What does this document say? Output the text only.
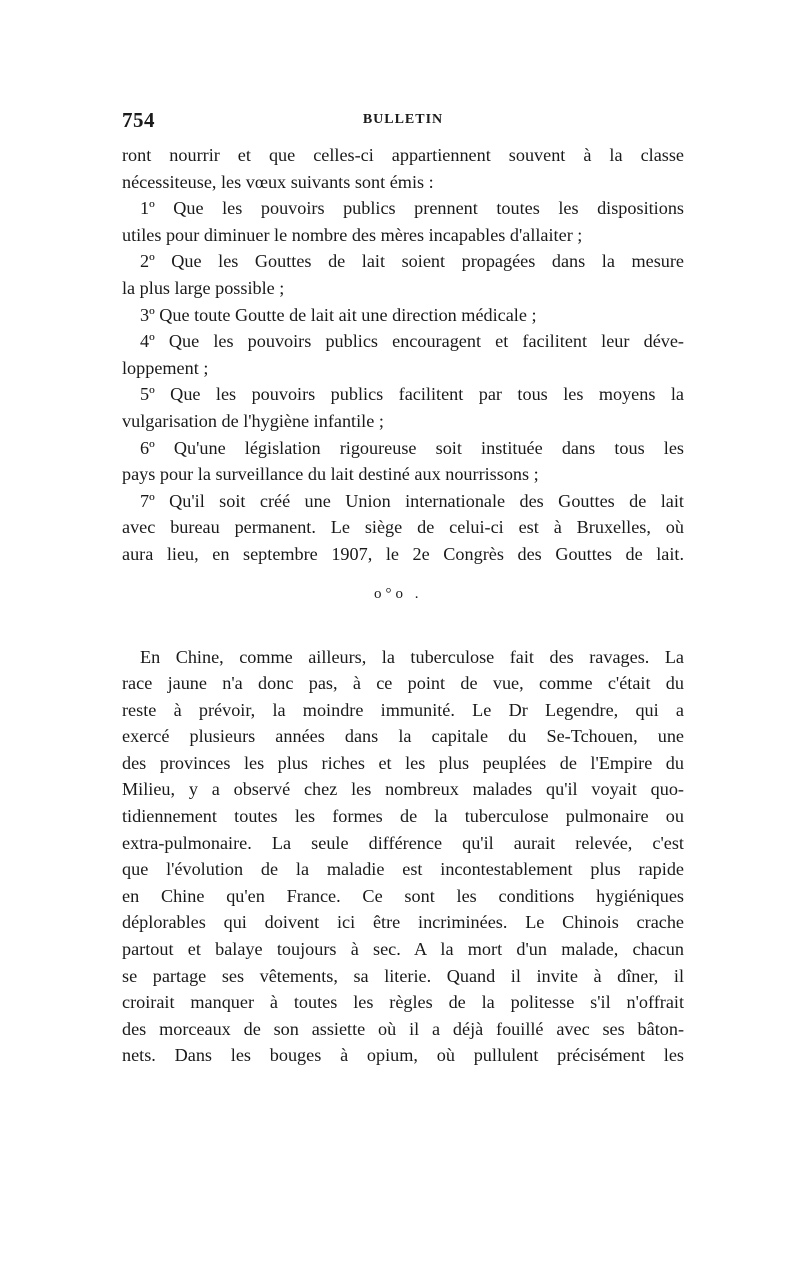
754	BULLETIN
ront nourrir et que celles-ci appartiennent souvent à la classe
nécessiteuse, les vœux suivants sont émis :
1º Que les pouvoirs publics prennent toutes les dispositions
utiles pour diminuer le nombre des mères incapables d'allaiter ;
2º Que les Gouttes de lait soient propagées dans la mesure
la plus large possible ;
3º Que toute Goutte de lait ait une direction médicale ;
4º Que les pouvoirs publics encouragent et facilitent leur déve-
loppement ;
5º Que les pouvoirs publics facilitent par tous les moyens la
vulgarisation de l'hygiène infantile ;
6º Qu'une législation rigoureuse soit instituée dans tous les
pays pour la surveillance du lait destiné aux nourrissons ;
7º Qu'il soit créé une Union internationale des Gouttes de lait
avec bureau permanent. Le siège de celui-ci est à Bruxelles, où
aura lieu, en septembre 1907, le 2e Congrès des Gouttes de lait.
o°o .
En Chine, comme ailleurs, la tuberculose fait des ravages. La
race jaune n'a donc pas, à ce point de vue, comme c'était du
reste à prévoir, la moindre immunité. Le Dr Legendre, qui a
exercé plusieurs années dans la capitale du Se-Tchouen, une
des provinces les plus riches et les plus peuplées de l'Empire du
Milieu, y a observé chez les nombreux malades qu'il voyait quo-
tidiennement toutes les formes de la tuberculose pulmonaire ou
extra-pulmonaire. La seule différence qu'il aurait relevée, c'est
que l'évolution de la maladie est incontestablement plus rapide
en Chine qu'en France. Ce sont les conditions hygiéniques
déplorables qui doivent ici être incriminées. Le Chinois crache
partout et balaye toujours à sec. A la mort d'un malade, chacun
se partage ses vêtements, sa literie. Quand il invite à dîner, il
croirait manquer à toutes les règles de la politesse s'il n'offrait
des morceaux de son assiette où il a déjà fouillé avec ses bâton-
nets. Dans les bouges à opium, où pullulent précisément les
